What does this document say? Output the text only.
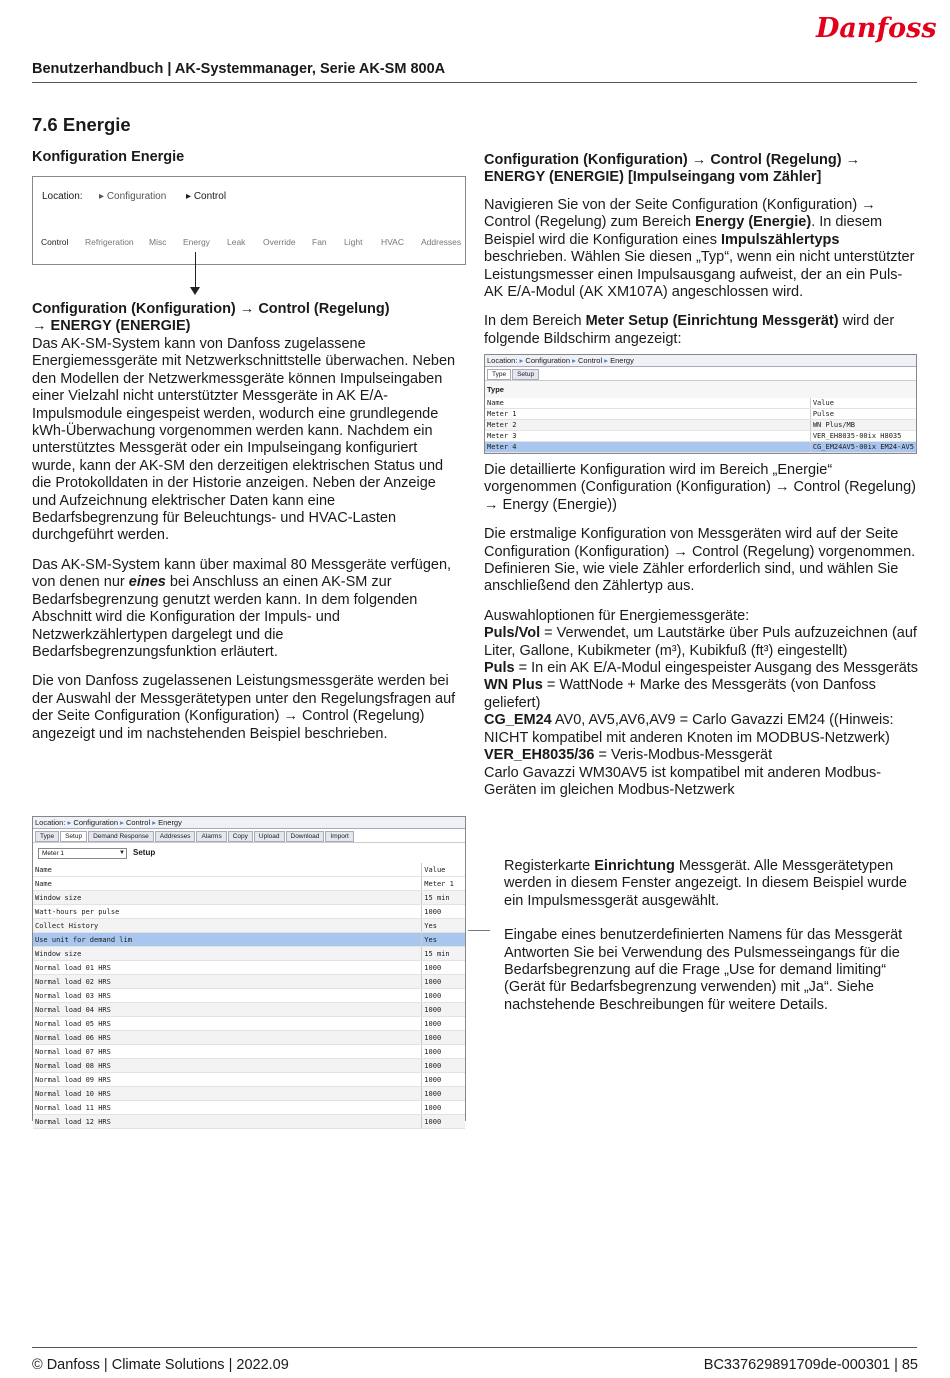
Danfoss
Benutzerhandbuch | AK-Systemmanager, Serie AK-SM 800A
7.6 Energie
Konfiguration Energie
Location: ▸ Configuration ▸ Control
Control Refrigeration Misc Energy Leak Override Fan Light HVAC Addresses
Configuration (Konfiguration) → Control (Regelung)
→ ENERGY (ENERGIE)

Das AK-SM-System kann von Danfoss zugelassene Energiemessgeräte mit Netzwerkschnittstelle überwachen. Neben den Modellen der Netzwerkmessgeräte können Impulseingaben einer Vielzahl nicht unterstützter Messgeräte in AK E/A-Impulsmodule eingespeist werden, wodurch eine grundlegende kWh-Überwachung vorgenommen werden kann. Nachdem ein unterstütztes Messgerät oder ein Impulseingang konfiguriert wurde, kann der AK-SM den derzeitigen elektrischen Status und die Protokolldaten in der Historie anzeigen. Neben der Anzeige und Aufzeichnung elektrischer Daten kann eine Bedarfsbegrenzung für Beleuchtungs- und HVAC-Lasten durchgeführt werden.

Das AK-SM-System kann über maximal 80 Messgeräte verfügen, von denen nur eines bei Anschluss an einen AK-SM zur Bedarfsbegrenzung genutzt werden kann. In dem folgenden Abschnitt wird die Konfiguration der Impuls- und Netzwerkzählertypen dargelegt und die Bedarfsbegrenzungsfunktion erläutert.

Die von Danfoss zugelassenen Leistungsmessgeräte werden bei der Auswahl der Messgerätetypen unter den Regelungsfragen auf der Seite Configuration (Konfiguration) → Control (Regelung) angezeigt und im nachstehenden Beispiel beschrieben.

Configuration (Konfiguration) → Control (Regelung) →
ENERGY (ENERGIE) [Impulseingang vom Zähler]

Navigieren Sie von der Seite Configuration (Konfiguration) → Control (Regelung) zum Bereich Energy (Energie). In diesem Beispiel wird die Konfiguration eines Impulszählertyps beschrieben. Wählen Sie diesen „Typ“, wenn ein nicht unterstützter Leistungsmesser einen Impulsausgang aufweist, der an ein Puls-AK E/A-Modul (AK XM107A) angeschlossen wird.

In dem Bereich Meter Setup (Einrichtung Messgerät) wird der folgende Bildschirm angezeigt:

Location: ▸ Configuration ▸ Control ▸ Energy
Type Setup
Type
Name	Value
Meter 1	Pulse
Meter 2	WN Plus/MB
Meter 3	VER_EH8035-00ix H8035
Meter 4	CG_EM24AV5-00ix EM24-AV5

Die detaillierte Konfiguration wird im Bereich „Energie“ vorgenommen (Configuration (Konfiguration) → Control (Regelung) → Energy (Energie))

Die erstmalige Konfiguration von Messgeräten wird auf der Seite Configuration (Konfiguration) → Control (Regelung) vorgenommen. Definieren Sie, wie viele Zähler erforderlich sind, und wählen Sie anschließend den Zählertyp aus.

Auswahloptionen für Energiemessgeräte:
Puls/Vol = Verwendet, um Lautstärke über Puls aufzuzeichnen (auf Liter, Gallone, Kubikmeter (m³), Kubikfuß (ft³) eingestellt)
Puls = In ein AK E/A-Modul eingespeister Ausgang des Messgeräts
WN Plus = WattNode + Marke des Messgeräts (von Danfoss geliefert)
CG_EM24 AV0, AV5,AV6,AV9 = Carlo Gavazzi EM24 ((Hinweis: NICHT kompatibel mit anderen Knoten im MODBUS-Netzwerk)
VER_EH8035/36 = Veris-Modbus-Messgerät
Carlo Gavazzi WM30AV5 ist kompatibel mit anderen Modbus-Geräten im gleichen Modbus-Netzwerk
Location: ▸ Configuration ▸ Control ▸ Energy
Type Setup Demand Response Addresses Alarms Copy Upload Download Import
Meter 1	▼ Setup
Name	Value
Name	Meter 1
Window size	15 min
Watt-hours per pulse	1000
Collect History	Yes
Use unit for demand lim	Yes
Window size	15 min
Normal load 01 HRS	1000
Normal load 02 HRS	1000
Normal load 03 HRS	1000
Normal load 04 HRS	1000
Normal load 05 HRS	1000
Normal load 06 HRS	1000
Normal load 07 HRS	1000
Normal load 08 HRS	1000
Normal load 09 HRS	1000
Normal load 10 HRS	1000
Normal load 11 HRS	1000
Normal load 12 HRS	1000

Registerkarte Einrichtung Messgerät. Alle Messgerätetypen werden in diesem Fenster angezeigt. In diesem Beispiel wurde ein Impulsmessgerät ausgewählt.

Eingabe eines benutzerdefinierten Namens für das Messgerät Antworten Sie bei Verwendung des Pulsmesseingangs für die Bedarfsbegrenzung auf die Frage „Use for demand limiting“ (Gerät für Bedarfsbegrenzung verwenden) mit „Ja“. Siehe nachstehende Beschreibungen für weitere Details.

© Danfoss | Climate Solutions | 2022.09	BC337629891709de-000301 | 85
